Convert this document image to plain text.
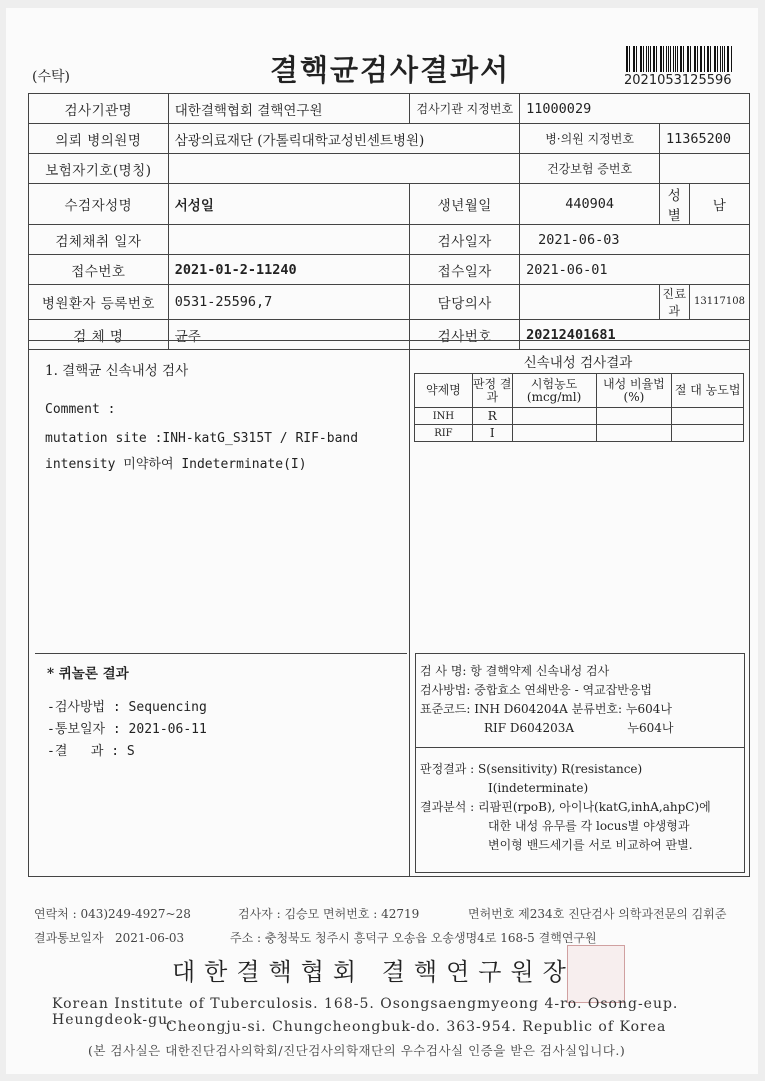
(수탁)	결핵균검사결과서	2021053125596
검사기관명	대한결핵협회 결핵연구원	검사기관 지정번호	11000029		
의뢰 병의원명	삼광의료재단 (가톨릭대학교성빈센트병원)		병·의원 지정번호	11365200	
보험자기호(명칭)			건강보험 증번호		
수검자성명	서성일	생년월일	440904	성별	남
검체채취 일자		검사일자	2021-06-03		
접수번호	2021-01-2-11240	접수일자	2021-06-01		
병원환자 등록번호	0531-25596,7	담당의사		진료과	13117108
검 체 명	균주	검사번호	20212401681		
1. 결핵균 신속내성 검사
Comment :
mutation site :INH-katG_S315T / RIF-band
intensity 미약하여 Indeterminate(I)
신속내성 검사결과
약제명	판정 결과	시험농도 (mcg/ml)	내성 비율법(%)	절 대 농도법
INH	R			
RIF	I			
* 퀴놀론 결과
-검사방법 : Sequencing
-통보일자 : 2021-06-11
-결   과 : S
검 사 명: 항 결핵약제 신속내성 검사
검사방법: 중합효소 연쇄반응 - 역교잡반응법
표준코드: INH D604204A 분류번호: 누604나
RIF D604203A              누604나
판정결과 : S(sensitivity) R(resistance)
I(indeterminate)
결과분석 : 리팜핀(rpoB), 아이나(katG,inhA,ahpC)에
대한 내성 유무를 각 locus별 야생형과
변이형 밴드세기를 서로 비교하여 판별.
연락처 : 043)249-4927~28	검사자 : 김승모 면허번호 : 42719	면허번호 제234호 진단검사 의학과전문의 김휘준
결과통보일자   2021-06-03	주소 : 충청북도 청주시 흥덕구 오송읍 오송생명4로 168-5 결핵연구원
대한결핵협회 결핵연구원장
Korean Institute of Tuberculosis. 168-5. Osongsaengmyeong 4-ro. Osong-eup. Heungdeok-gu.
Cheongju-si. Chungcheongbuk-do. 363-954. Republic of Korea
(본 검사실은 대한진단검사의학회/진단검사의학재단의 우수검사실 인증을 받은 검사실입니다.)
